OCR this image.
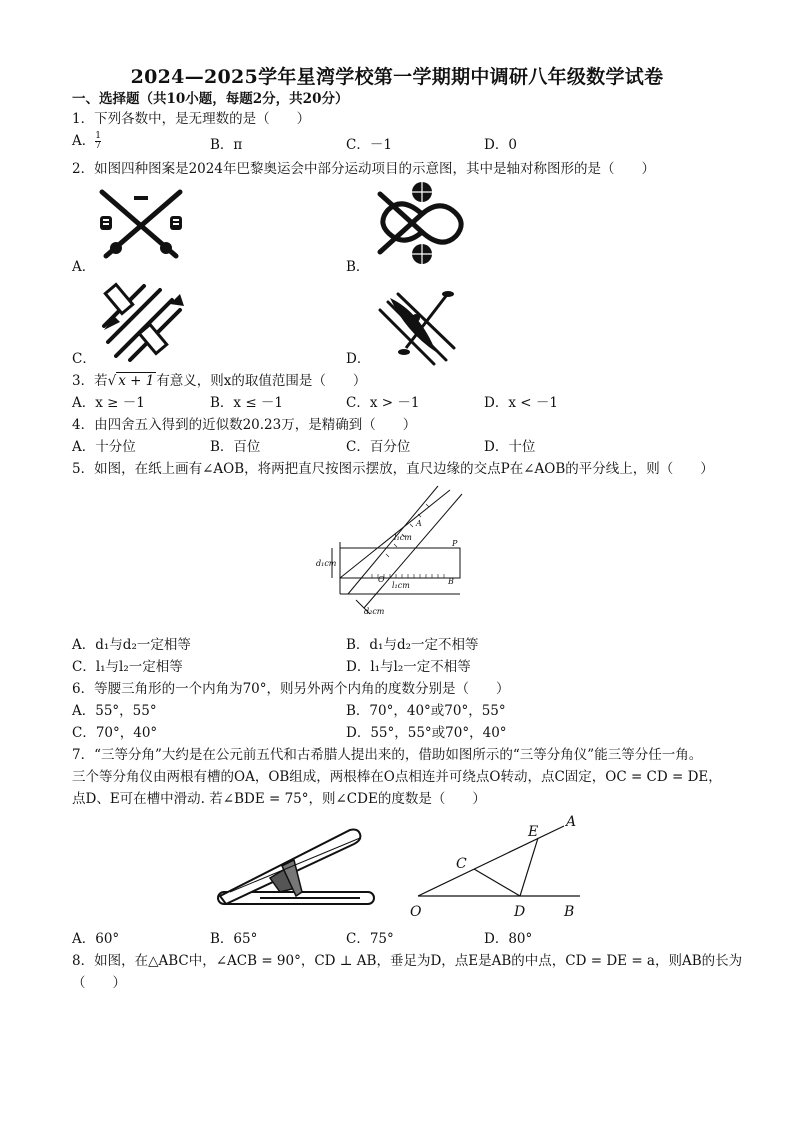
2024—2025学年星湾学校第一学期期中调研八年级数学试卷
一、选择题（共10小题，每题2分，共20分）
1．下列各数中，是无理数的是（　　）
A． $\frac{1}{7}$	B．π	C．－1	D．0
2．如图四种图案是2024年巴黎奥运会中部分运动项目的示意图，其中是轴对称图形的是（　　）
A．	B．
C．	D．
3．若√ x + 1 有意义，则x的取值范围是（　　）
A．x ≥ －1	B．x ≤ －1	C．x > －1	D．x < －1
4．由四舍五入得到的近似数20.23万，是精确到（　　）
A．十分位	B．百位	C．百分位	D．十位
5．如图，在纸上画有∠AOB，将两把直尺按图示摆放，直尺边缘的交点P在∠AOB的平分线上，则（　　）
A
B
P
O
l₁cm
l₁cm
d₁cm
d₂cm
A．d₁与d₂一定相等	B．d₁与d₂一定不相等
C．l₁与l₂一定相等	D．l₁与l₂一定不相等
6．等腰三角形的一个内角为70°，则另外两个内角的度数分别是（　　）
A．55°，55°	B．70°，40°或70°，55°
C．70°，40°	D．55°，55°或70°，40°
7．“三等分角”大约是在公元前五代和古希腊人提出来的，借助如图所示的“三等分角仪”能三等分任一角。
三个等分角仪由两根有槽的OA，OB组成，两根棒在O点相连并可绕点O转动，点C固定，OC = CD = DE，
点D、E可在槽中滑动. 若∠BDE = 75°，则∠CDE的度数是（　　）
O
C
D	B
E
A
A．60°	B．65°	C．75°	D．80°
8．如图，在△ABC中，∠ACB = 90°，CD ⊥ AB，垂足为D，点E是AB的中点，CD = DE = a，则AB的长为
（　　）
